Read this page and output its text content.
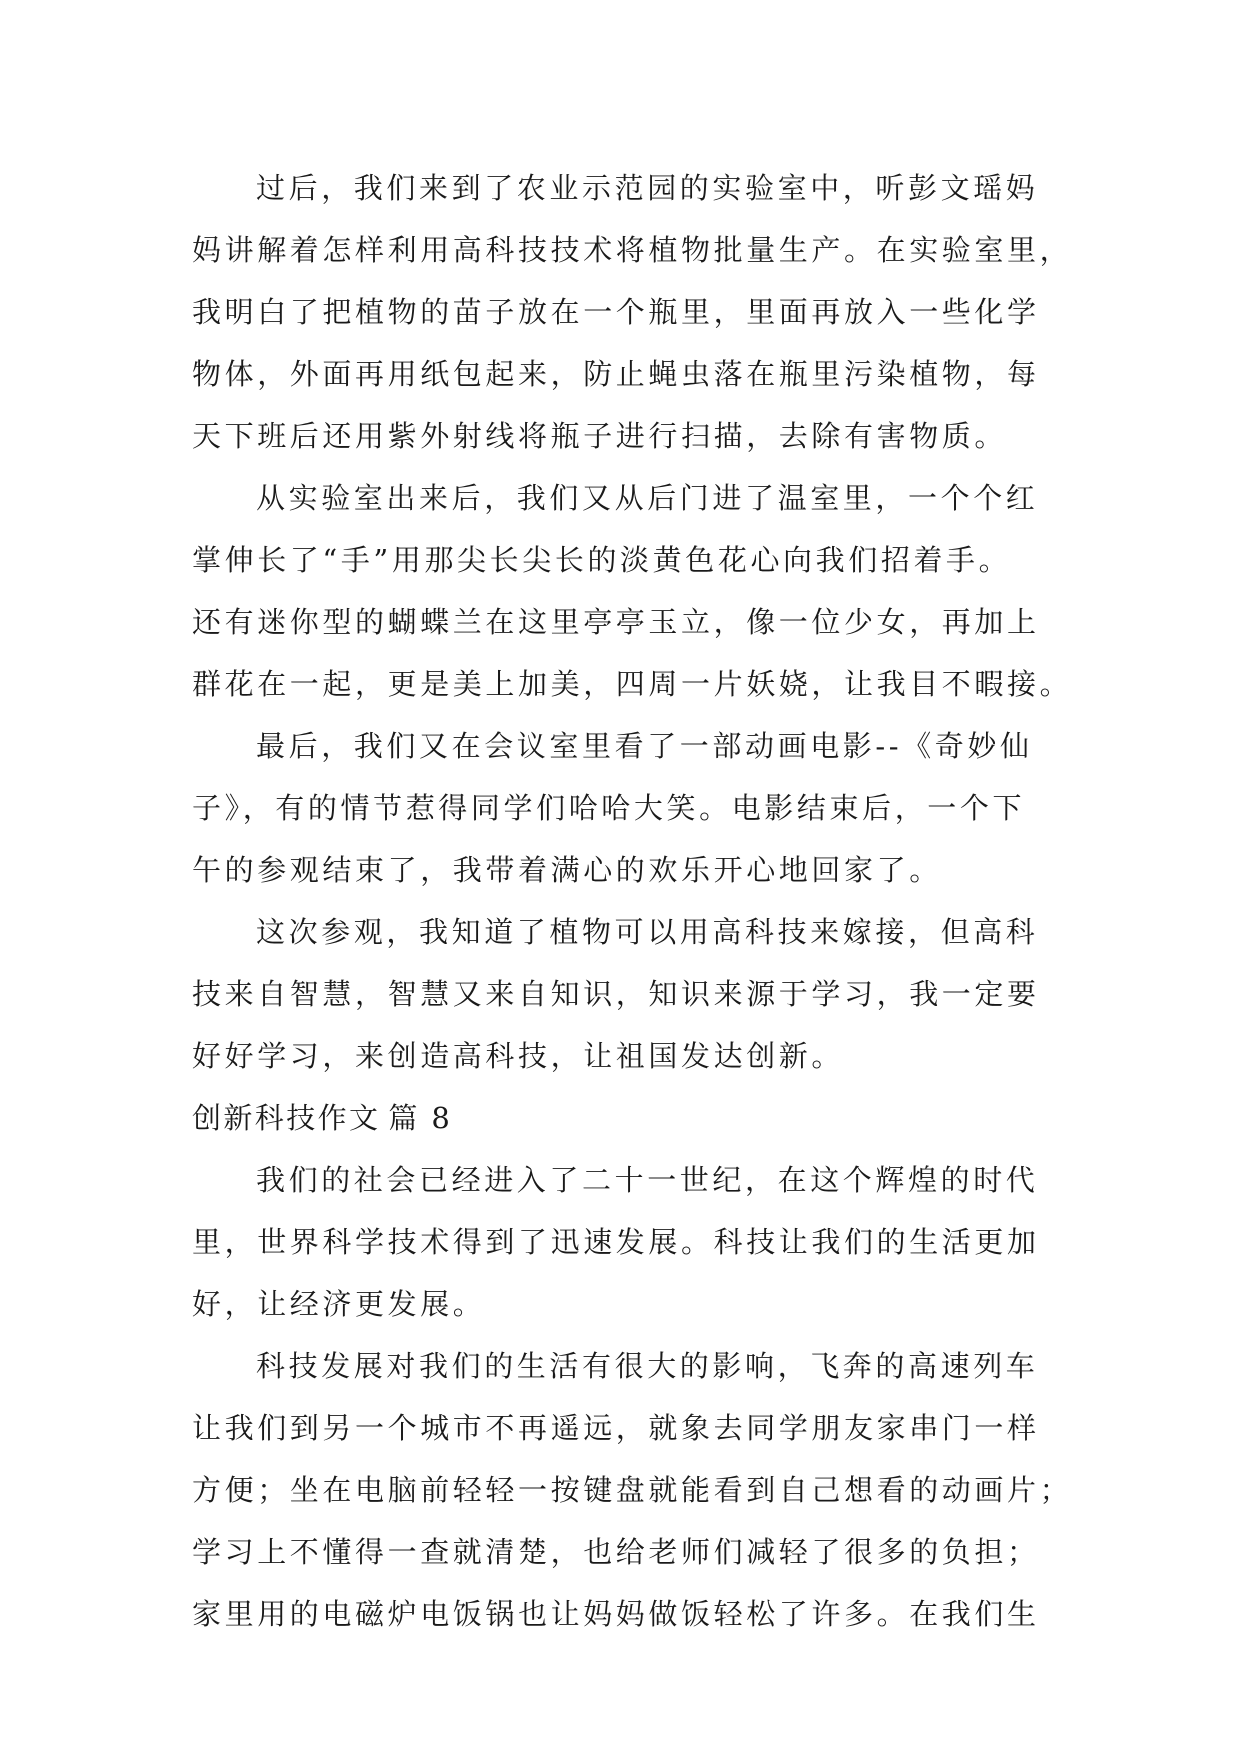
过后，我们来到了农业示范园的实验室中，听彭文瑶妈
妈讲解着怎样利用高科技技术将植物批量生产。在实验室里，
我明白了把植物的苗子放在一个瓶里，里面再放入一些化学
物体，外面再用纸包起来，防止蝇虫落在瓶里污染植物，每
天下班后还用紫外射线将瓶子进行扫描，去除有害物质。
从实验室出来后，我们又从后门进了温室里，一个个红
掌伸长了“手”用那尖长尖长的淡黄色花心向我们招着手。
还有迷你型的蝴蝶兰在这里亭亭玉立，像一位少女，再加上
群花在一起，更是美上加美，四周一片妖娆，让我目不暇接。
最后，我们又在会议室里看了一部动画电影--《奇妙仙
子》，有的情节惹得同学们哈哈大笑。电影结束后，一个下
午的参观结束了，我带着满心的欢乐开心地回家了。
这次参观，我知道了植物可以用高科技来嫁接，但高科
技来自智慧，智慧又来自知识，知识来源于学习，我一定要
好好学习，来创造高科技，让祖国发达创新。
创新科技作文 篇 8
我们的社会已经进入了二十一世纪，在这个辉煌的时代
里，世界科学技术得到了迅速发展。科技让我们的生活更加
好，让经济更发展。
科技发展对我们的生活有很大的影响，飞奔的高速列车
让我们到另一个城市不再遥远，就象去同学朋友家串门一样
方便；坐在电脑前轻轻一按键盘就能看到自己想看的动画片；
学习上不懂得一查就清楚，也给老师们减轻了很多的负担；
家里用的电磁炉电饭锅也让妈妈做饭轻松了许多。在我们生
